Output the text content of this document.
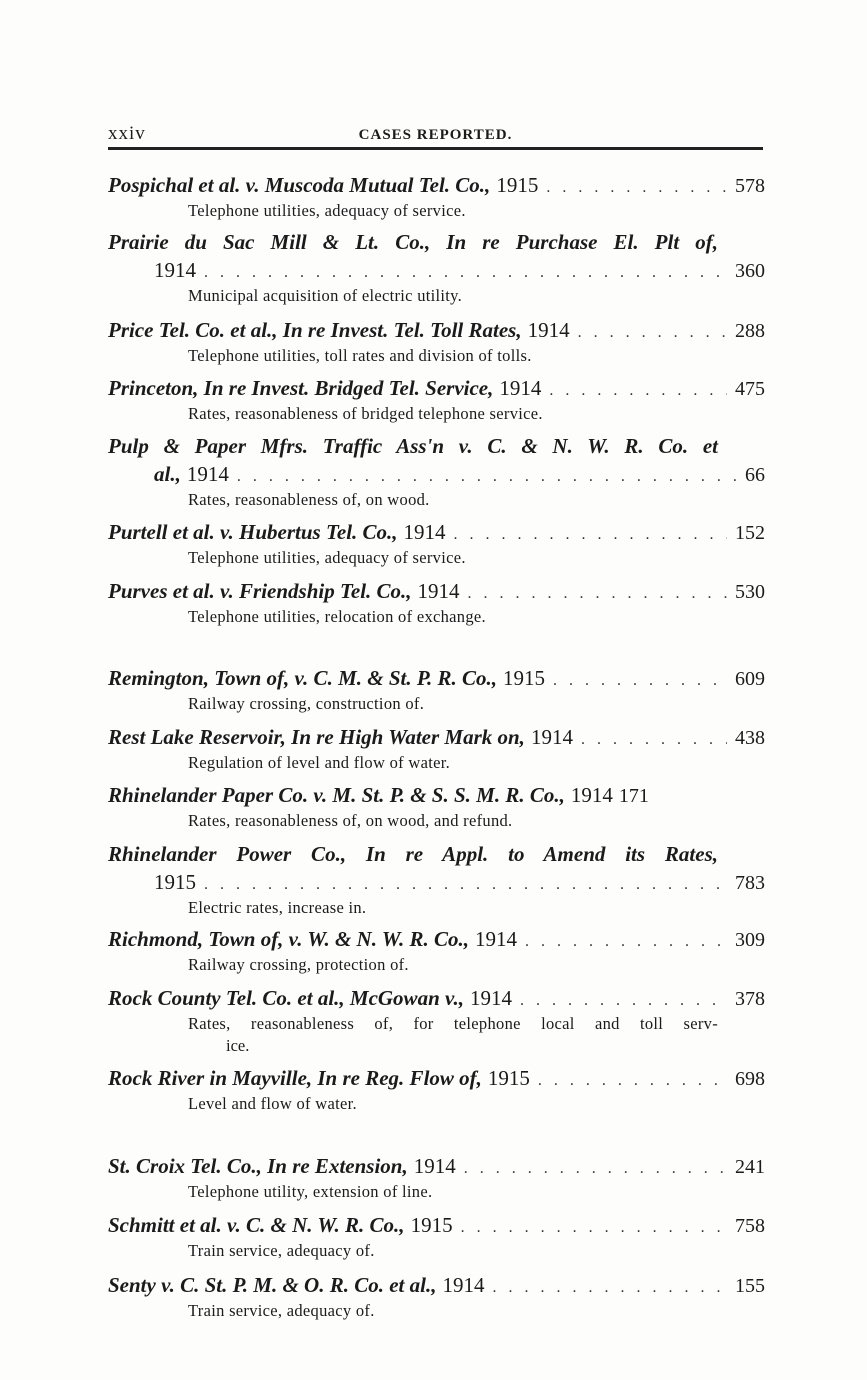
xxiv	CASES REPORTED.
Pospichal et al. v. Muscoda Mutual Tel. Co., 1915 . . .	578
Telephone utilities, adequacy of service.
Prairie du Sac Mill & Lt. Co., In re Purchase El. Plt of,
1914 . . .	360
Municipal acquisition of electric utility.
Price Tel. Co. et al., In re Invest. Tel. Toll Rates, 1914 . . .	288
Telephone utilities, toll rates and division of tolls.
Princeton, In re Invest. Bridged Tel. Service, 1914 . . .	475
Rates, reasonableness of bridged telephone service.
Pulp & Paper Mfrs. Traffic Ass'n v. C. & N. W. R. Co. et
al., 1914 . . .	66
Rates, reasonableness of, on wood.
Purtell et al. v. Hubertus Tel. Co., 1914 . . .	152
Telephone utilities, adequacy of service.
Purves et al. v. Friendship Tel. Co., 1914 . . .	530
Telephone utilities, relocation of exchange.
Remington, Town of, v. C. M. & St. P. R. Co., 1915 . . .	609
Railway crossing, construction of.
Rest Lake Reservoir, In re High Water Mark on, 1914 . . .	438
Regulation of level and flow of water.
Rhinelander Paper Co. v. M. St. P. & S. S. M. R. Co., 1914 171
Rates, reasonableness of, on wood, and refund.
Rhinelander Power Co., In re Appl. to Amend its Rates,
1915 . . .	783
Electric rates, increase in.
Richmond, Town of, v. W. & N. W. R. Co., 1914 . . .	309
Railway crossing, protection of.
Rock County Tel. Co. et al., McGowan v., 1914 . . .	378
Rates, reasonableness of, for telephone local and toll serv-
ice.
Rock River in Mayville, In re Reg. Flow of, 1915 . . .	698
Level and flow of water.
St. Croix Tel. Co., In re Extension, 1914 . . .	241
Telephone utility, extension of line.
Schmitt et al. v. C. & N. W. R. Co., 1915 . . .	758
Train service, adequacy of.
Senty v. C. St. P. M. & O. R. Co. et al., 1914 . . .	155
Train service, adequacy of.
